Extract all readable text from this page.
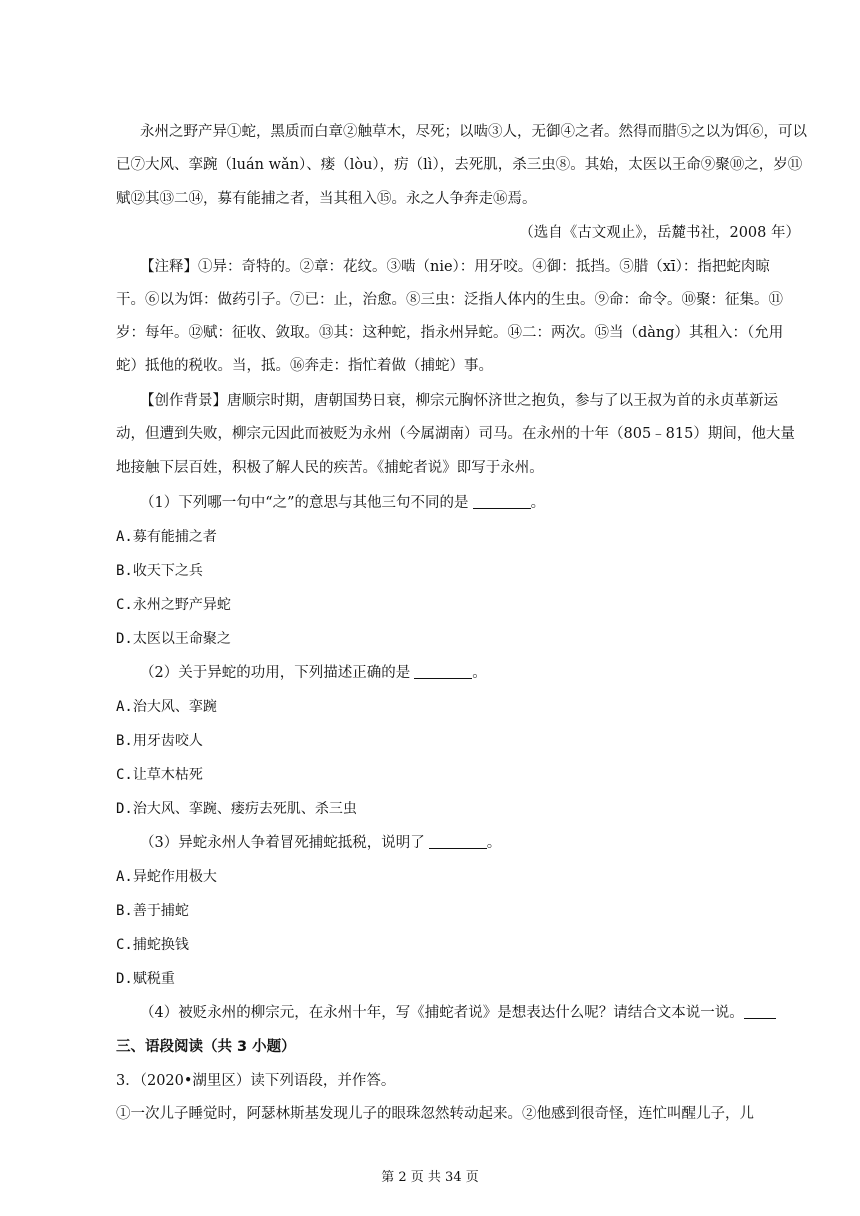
永州之野产异①蛇，黑质而白章②触草木，尽死；以啮③人，无御④之者。然得而腊⑤之以为饵⑥，可以
已⑦大风、挛踠（luán wǎn）、瘘（lòu），疠（lì），去死肌，杀三虫⑧。其始，太医以王命⑨聚⑩之，岁⑪
赋⑫其⑬二⑭，募有能捕之者，当其租入⑮。永之人争奔走⑯焉。
（选自《古文观止》，岳麓书社，2008 年）
【注释】①异：奇特的。②章：花纹。③啮（nie）：用牙咬。④御：抵挡。⑤腊（xī）：指把蛇肉晾
干。⑥以为饵：做药引子。⑦已：止，治愈。⑧三虫：泛指人体内的生虫。⑨命：命令。⑩聚：征集。⑪
岁：每年。⑫赋：征收、敛取。⑬其：这种蛇，指永州异蛇。⑭二：两次。⑮当（dàng）其租入：（允用
蛇）抵他的税收。当，抵。⑯奔走：指忙着做（捕蛇）事。
【创作背景】唐顺宗时期，唐朝国势日衰，柳宗元胸怀济世之抱负，参与了以王叔为首的永贞革新运
动，但遭到失败，柳宗元因此而被贬为永州（今属湖南）司马。在永州的十年（805﹣815）期间，他大量
地接触下层百姓，积极了解人民的疾苦。《捕蛇者说》即写于永州。
（1）下列哪一句中“之”的意思与其他三句不同的是	。
A.募有能捕之者
B.收天下之兵
C.永州之野产异蛇
D.太医以王命聚之
（2）关于异蛇的功用，下列描述正确的是	。
A.治大风、挛踠
B.用牙齿咬人
C.让草木枯死
D.治大风、挛踠、瘘疠去死肌、杀三虫
（3）异蛇永州人争着冒死捕蛇抵税，说明了	。
A.异蛇作用极大
B.善于捕蛇
C.捕蛇换钱
D.赋税重
（4）被贬永州的柳宗元，在永州十年，写《捕蛇者说》是想表达什么呢？请结合文本说一说。
三、语段阅读（共 3 小题）
3．（2020•湖里区）读下列语段，并作答。
①一次儿子睡觉时，阿瑟林斯基发现儿子的眼珠忽然转动起来。②他感到很奇怪，连忙叫醒儿子，儿
第 2 页 共 34 页
